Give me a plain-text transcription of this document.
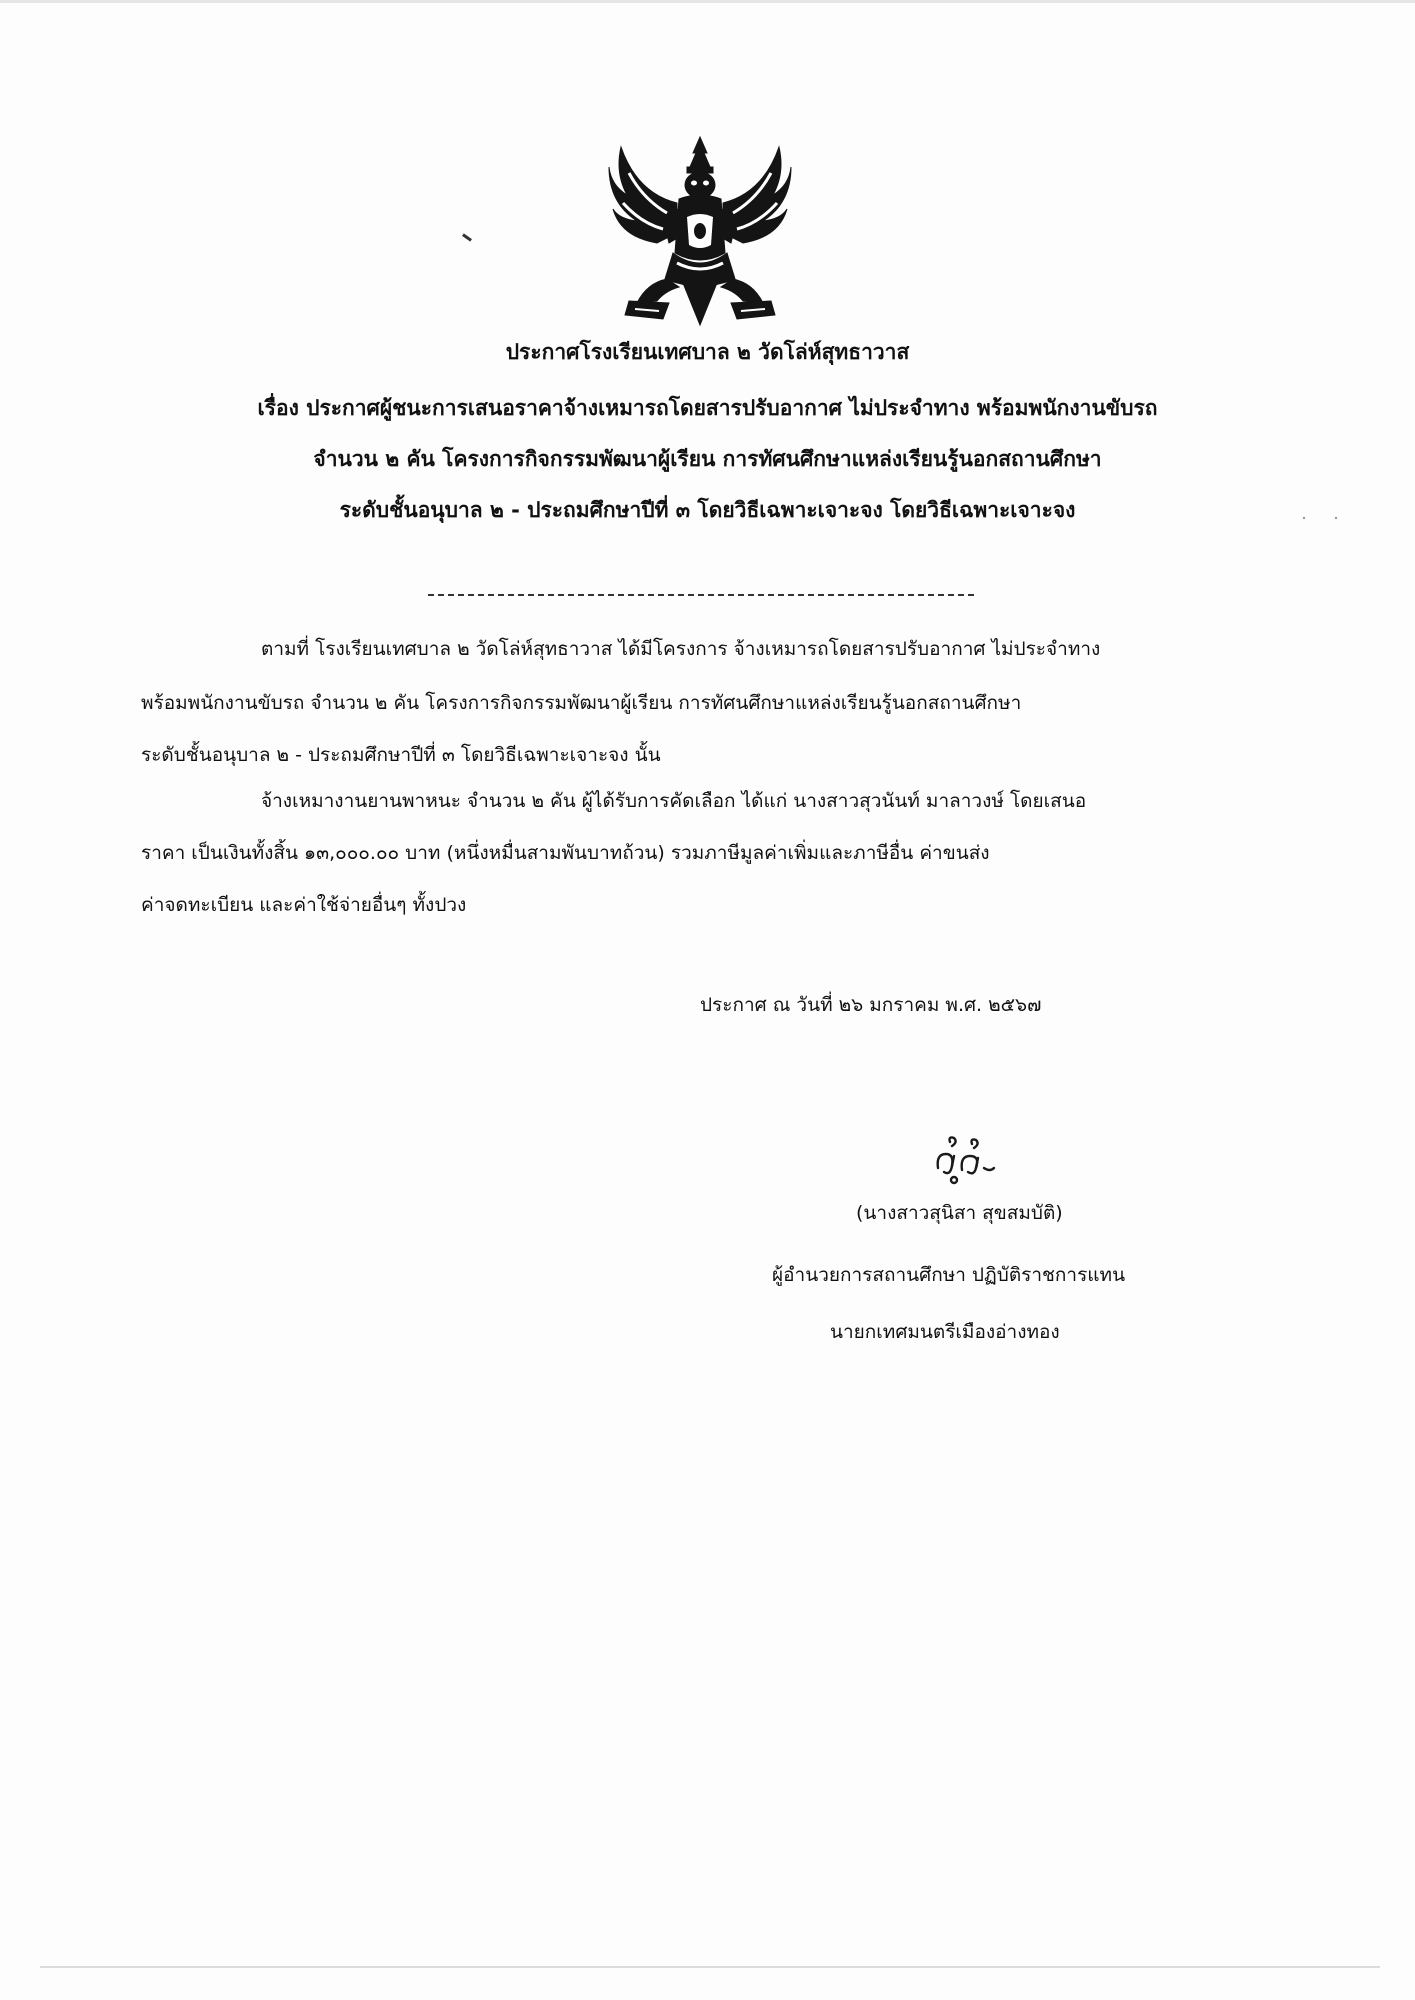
ประกาศโรงเรียนเทศบาล ๒ วัดโล่ห์สุทธาวาส
เรื่อง ประกาศผู้ชนะการเสนอราคาจ้างเหมารถโดยสารปรับอากาศ ไม่ประจำทาง พร้อมพนักงานขับรถ
จำนวน ๒ คัน โครงการกิจกรรมพัฒนาผู้เรียน การทัศนศึกษาแหล่งเรียนรู้นอกสถานศึกษา
ระดับชั้นอนุบาล ๒ - ประถมศึกษาปีที่ ๓ โดยวิธีเฉพาะเจาะจง โดยวิธีเฉพาะเจาะจง
ตามที่ โรงเรียนเทศบาล ๒ วัดโล่ห์สุทธาวาส ได้มีโครงการ จ้างเหมารถโดยสารปรับอากาศ ไม่ประจำทาง
พร้อมพนักงานขับรถ จำนวน ๒ คัน โครงการกิจกรรมพัฒนาผู้เรียน การทัศนศึกษาแหล่งเรียนรู้นอกสถานศึกษา
ระดับชั้นอนุบาล ๒ - ประถมศึกษาปีที่ ๓ โดยวิธีเฉพาะเจาะจง นั้น
จ้างเหมางานยานพาหนะ จำนวน ๒ คัน ผู้ได้รับการคัดเลือก ได้แก่ นางสาวสุวนันท์ มาลาวงษ์ โดยเสนอ
ราคา เป็นเงินทั้งสิ้น ๑๓,๐๐๐.๐๐ บาท (หนึ่งหมื่นสามพันบาทถ้วน) รวมภาษีมูลค่าเพิ่มและภาษีอื่น ค่าขนส่ง
ค่าจดทะเบียน และค่าใช้จ่ายอื่นๆ ทั้งปวง
ประกาศ ณ วันที่ ๒๖ มกราคม พ.ศ. ๒๕๖๗
(นางสาวสุนิสา สุขสมบัติ)
ผู้อำนวยการสถานศึกษา ปฏิบัติราชการแทน
นายกเทศมนตรีเมืองอ่างทอง
